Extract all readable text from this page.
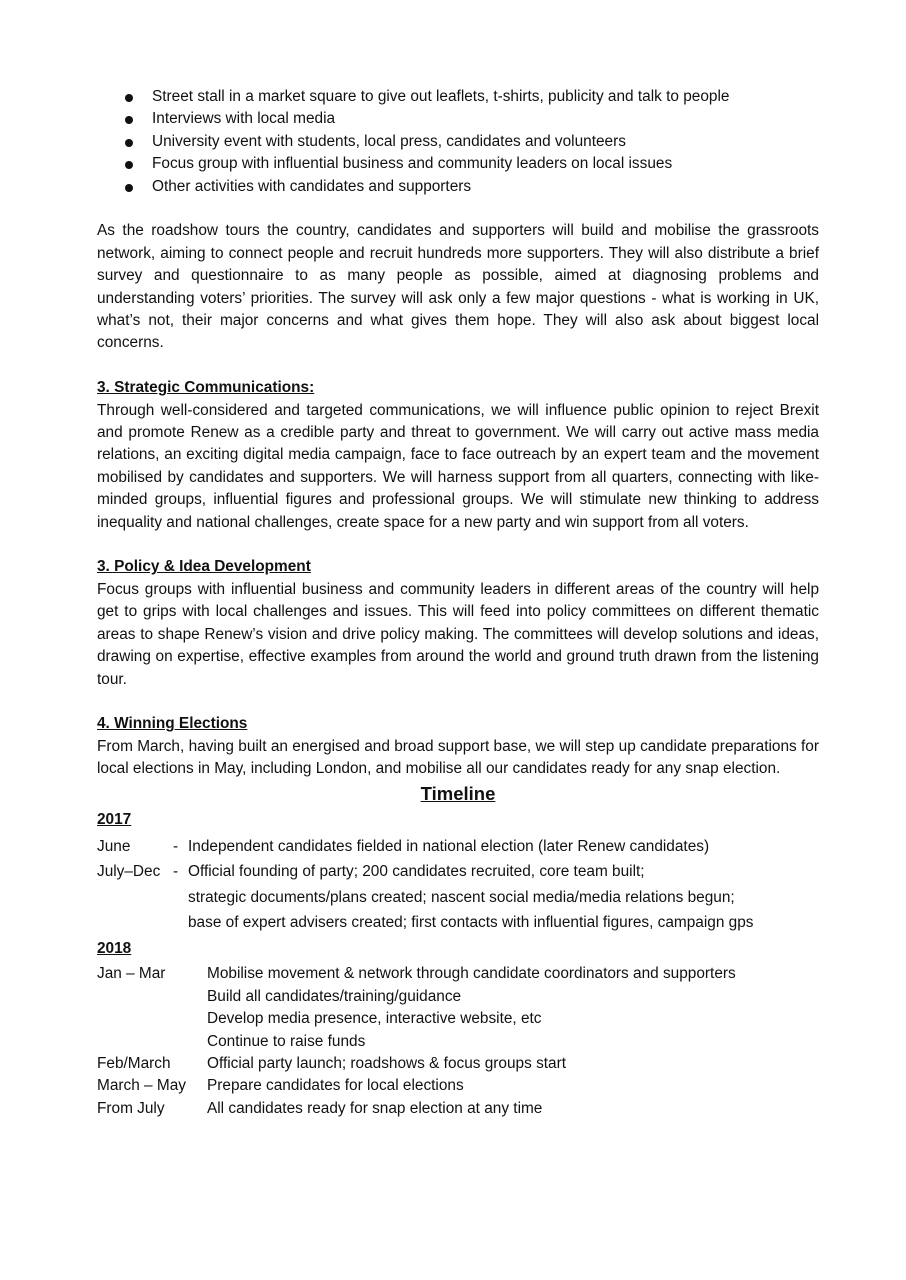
Street stall in a market square to give out leaflets, t-shirts, publicity and talk to people
Interviews with local media
University event with students, local press, candidates and volunteers
Focus group with influential business and community leaders on local issues
Other activities with candidates and supporters

As the roadshow tours the country, candidates and supporters will build and mobilise the grassroots network, aiming to connect people and recruit hundreds more supporters. They will also distribute a brief survey and questionnaire to as many people as possible, aimed at diagnosing problems and understanding voters’ priorities. The survey will ask only a few major questions - what is working in UK, what’s not, their major concerns and what gives them hope. They will also ask about biggest local concerns.

3. Strategic Communications:

Through well-considered and targeted communications, we will influence public opinion to reject Brexit and promote Renew as a credible party and threat to government. We will carry out active mass media relations, an exciting digital media campaign, face to face outreach by an expert team and the movement mobilised by candidates and supporters. We will harness support from all quarters, connecting with like-minded groups, influential figures and professional groups. We will stimulate new thinking to address inequality and national challenges, create space for a new party and win support from all voters.

3. Policy & Idea Development

Focus groups with influential business and community leaders in different areas of the country will help get to grips with local challenges and issues. This will feed into policy committees on different thematic areas to shape Renew’s vision and drive policy making. The committees will develop solutions and ideas, drawing on expertise, effective examples from around the world and ground truth drawn from the listening tour.

4. Winning Elections

From March, having built an energised and broad support base, we will step up candidate preparations for local elections in May, including London, and mobilise all our candidates ready for any snap election.

Timeline
2017
June	- Independent candidates fielded in national election (later Renew candidates)
July–Dec - Official founding of party; 200 candidates recruited, core team built;
strategic documents/plans created; nascent social media/media relations begun;
base of expert advisers created; first contacts with influential figures, campaign gps
2018
Jan – Mar	Mobilise movement & network through candidate coordinators and supporters
Build all candidates/training/guidance
Develop media presence, interactive website, etc
Continue to raise funds
Feb/March	Official party launch; roadshows & focus groups start
March – May	Prepare candidates for local elections
From July	All candidates ready for snap election at any time
